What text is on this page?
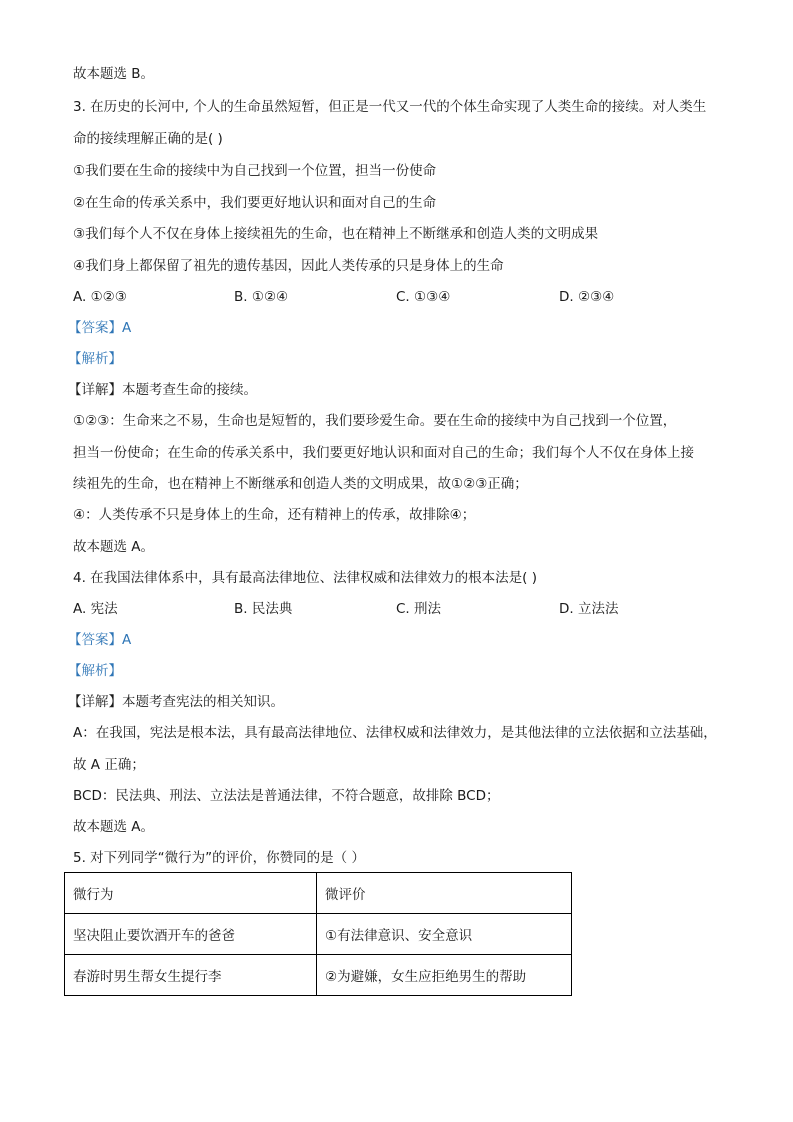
故本题选 B。
3. 在历史的长河中, 个人的生命虽然短暂，但正是一代又一代的个体生命实现了人类生命的接续。对人类生
命的接续理解正确的是( )
①我们要在生命的接续中为自己找到一个位置，担当一份使命
②在生命的传承关系中，我们要更好地认识和面对自己的生命
③我们每个人不仅在身体上接续祖先的生命，也在精神上不断继承和创造人类的文明成果
④我们身上都保留了祖先的遗传基因，因此人类传承的只是身体上的生命
A. ①②③	B. ①②④	C. ①③④	D. ②③④
【答案】A
【解析】
【详解】本题考查生命的接续。
①②③：生命来之不易，生命也是短暂的，我们要珍爱生命。要在生命的接续中为自己找到一个位置，
担当一份使命；在生命的传承关系中，我们要更好地认识和面对自己的生命；我们每个人不仅在身体上接
续祖先的生命，也在精神上不断继承和创造人类的文明成果，故①②③正确；
④：人类传承不只是身体上的生命，还有精神上的传承，故排除④；
故本题选 A。
4. 在我国法律体系中，具有最高法律地位、法律权威和法律效力的根本法是( )
A. 宪法	B. 民法典	C. 刑法	D. 立法法
【答案】A
【解析】
【详解】本题考查宪法的相关知识。
A：在我国，宪法是根本法，具有最高法律地位、法律权威和法律效力，是其他法律的立法依据和立法基础，
故 A 正确；
BCD：民法典、刑法、立法法是普通法律，不符合题意，故排除 BCD；
故本题选 A。
5. 对下列同学“微行为”的评价，你赞同的是（ ）
微行为	微评价
坚决阻止要饮酒开车的爸爸	①有法律意识、安全意识
春游时男生帮女生提行李	②为避嫌，女生应拒绝男生的帮助
